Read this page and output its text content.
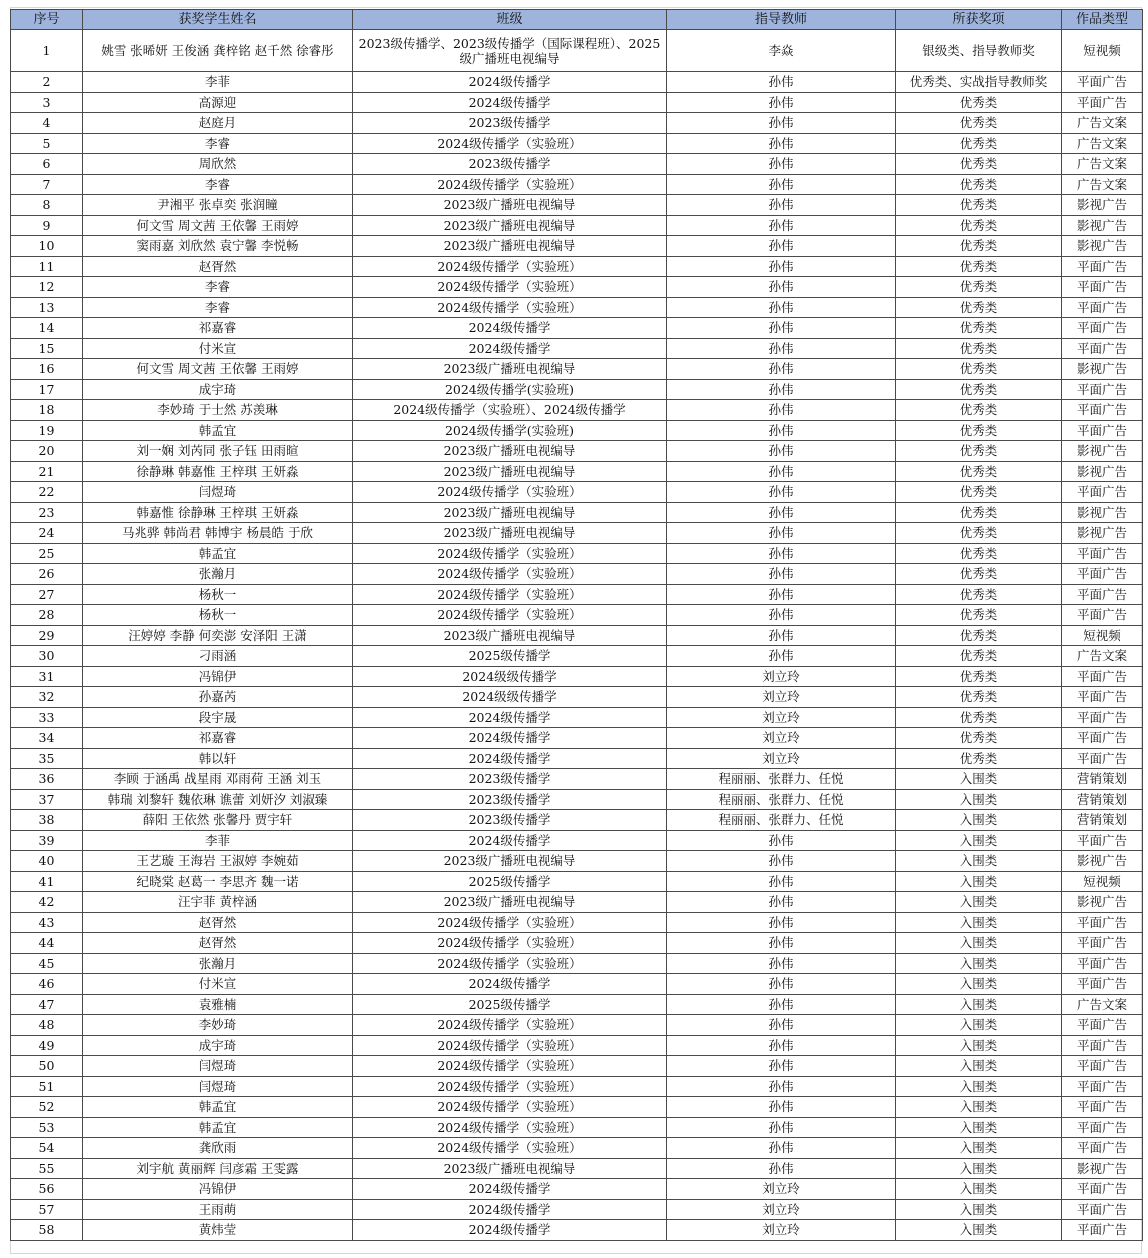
序号	获奖学生姓名	班级	指导教师	所获奖项	作品类型
1	姚雪 张晞妍 王俊涵 龚梓铭 赵千然 徐睿彤	2023级传播学、2023级传播学（国际课程班）、2025级广播班电视编导	李焱	银级类、指导教师奖	短视频
2	李菲	2024级传播学	孙伟	优秀类、实战指导教师奖	平面广告
3	高源迎	2024级传播学	孙伟	优秀类	平面广告
4	赵庭月	2023级传播学	孙伟	优秀类	广告文案
5	李睿	2024级传播学（实验班）	孙伟	优秀类	广告文案
6	周欣然	2023级传播学	孙伟	优秀类	广告文案
7	李睿	2024级传播学（实验班）	孙伟	优秀类	广告文案
8	尹湘平 张卓奕 张润瞳	2023级广播班电视编导	孙伟	优秀类	影视广告
9	何文雪 周文茜 王依馨 王雨婷	2023级广播班电视编导	孙伟	优秀类	影视广告
10	窦雨嘉 刘欣然 袁宁馨 李悦畅	2023级广播班电视编导	孙伟	优秀类	影视广告
11	赵胥然	2024级传播学（实验班）	孙伟	优秀类	平面广告
12	李睿	2024级传播学（实验班）	孙伟	优秀类	平面广告
13	李睿	2024级传播学（实验班）	孙伟	优秀类	平面广告
14	祁嘉睿	2024级传播学	孙伟	优秀类	平面广告
15	付米宣	2024级传播学	孙伟	优秀类	平面广告
16	何文雪 周文茜 王依馨 王雨婷	2023级广播班电视编导	孙伟	优秀类	影视广告
17	成宇琦	2024级传播学(实验班)	孙伟	优秀类	平面广告
18	李妙琦 于士然 苏羡琳	2024级传播学（实验班）、2024级传播学	孙伟	优秀类	平面广告
19	韩孟宜	2024级传播学(实验班)	孙伟	优秀类	平面广告
20	刘一娴 刘芮同 张子钰 田雨暄	2023级广播班电视编导	孙伟	优秀类	影视广告
21	徐静琳 韩嘉惟 王梓琪 王妍淼	2023级广播班电视编导	孙伟	优秀类	影视广告
22	闫煜琦	2024级传播学（实验班）	孙伟	优秀类	平面广告
23	韩嘉惟 徐静琳 王梓琪 王妍淼	2023级广播班电视编导	孙伟	优秀类	影视广告
24	马兆骅 韩尚君 韩博宇 杨晨皓 于欣	2023级广播班电视编导	孙伟	优秀类	影视广告
25	韩孟宜	2024级传播学（实验班）	孙伟	优秀类	平面广告
26	张瀚月	2024级传播学（实验班）	孙伟	优秀类	平面广告
27	杨秋一	2024级传播学（实验班）	孙伟	优秀类	平面广告
28	杨秋一	2024级传播学（实验班）	孙伟	优秀类	平面广告
29	汪婷婷 李静 何奕澎 安泽阳 王潇	2023级广播班电视编导	孙伟	优秀类	短视频
30	刁雨涵	2025级传播学	孙伟	优秀类	广告文案
31	冯锦伊	2024级级传播学	刘立玲	优秀类	平面广告
32	孙嘉芮	2024级级传播学	刘立玲	优秀类	平面广告
33	段宇晟	2024级传播学	刘立玲	优秀类	平面广告
34	祁嘉睿	2024级传播学	刘立玲	优秀类	平面广告
35	韩以轩	2024级传播学	刘立玲	优秀类	平面广告
36	李顾 于涵禹 战星雨 邓雨荷 王涵 刘玉	2023级传播学	程丽丽、张群力、任悦	入围类	营销策划
37	韩瑞 刘黎轩 魏依琳 谯蕾 刘妍汐 刘淑臻	2023级传播学	程丽丽、张群力、任悦	入围类	营销策划
38	薛阳 王依然 张馨丹 贾宇轩	2023级传播学	程丽丽、张群力、任悦	入围类	营销策划
39	李菲	2024级传播学	孙伟	入围类	平面广告
40	王艺璇 王海岩 王淑婷 李婉茹	2023级广播班电视编导	孙伟	入围类	影视广告
41	纪晓棠 赵葛一 李思齐 魏一诺	2025级传播学	孙伟	入围类	短视频
42	汪宇菲 黄梓涵	2023级广播班电视编导	孙伟	入围类	影视广告
43	赵胥然	2024级传播学（实验班）	孙伟	入围类	平面广告
44	赵胥然	2024级传播学（实验班）	孙伟	入围类	平面广告
45	张瀚月	2024级传播学（实验班）	孙伟	入围类	平面广告
46	付米宣	2024级传播学	孙伟	入围类	平面广告
47	袁雅楠	2025级传播学	孙伟	入围类	广告文案
48	李妙琦	2024级传播学（实验班）	孙伟	入围类	平面广告
49	成宇琦	2024级传播学（实验班）	孙伟	入围类	平面广告
50	闫煜琦	2024级传播学（实验班）	孙伟	入围类	平面广告
51	闫煜琦	2024级传播学（实验班）	孙伟	入围类	平面广告
52	韩孟宜	2024级传播学（实验班）	孙伟	入围类	平面广告
53	韩孟宜	2024级传播学（实验班）	孙伟	入围类	平面广告
54	龚欣雨	2024级传播学（实验班）	孙伟	入围类	平面广告
55	刘宇航 黄丽辉 闫彦霜 王雯露	2023级广播班电视编导	孙伟	入围类	影视广告
56	冯锦伊	2024级传播学	刘立玲	入围类	平面广告
57	王雨萌	2024级传播学	刘立玲	入围类	平面广告
58	黄炜莹	2024级传播学	刘立玲	入围类	平面广告
